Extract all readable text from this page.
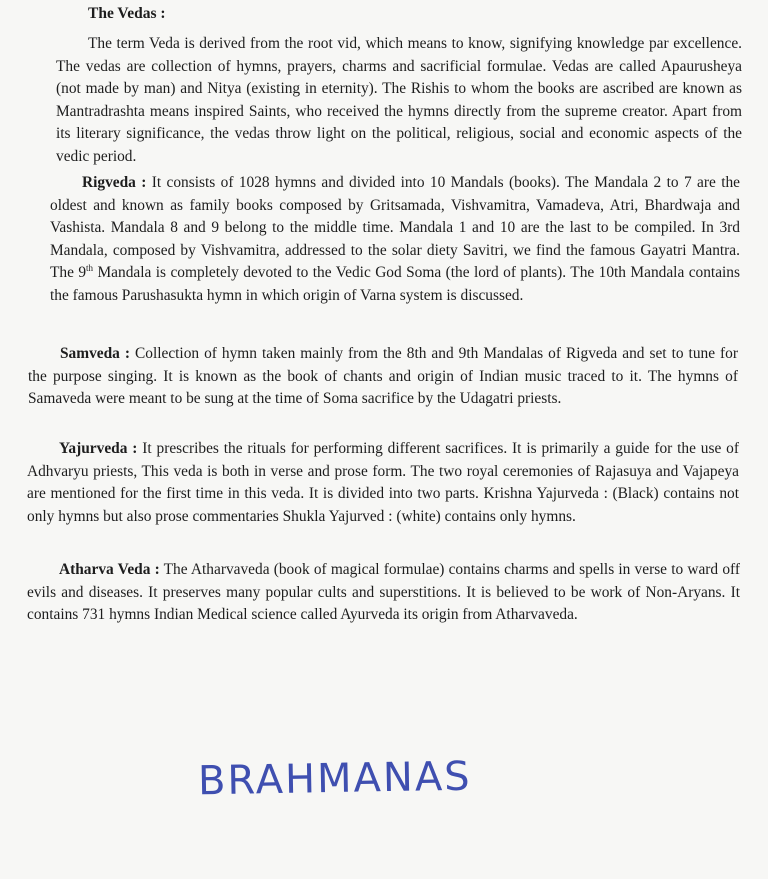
The Vedas :

The term Veda is derived from the root vid, which means to know, signifying knowledge par excellence. The vedas are collection of hymns, prayers, charms and sacrificial formulae. Vedas are called Apaurusheya (not made by man) and Nitya (existing in eternity). The Rishis to whom the books are ascribed are known as Mantradrashta means inspired Saints, who received the hymns directly from the supreme creator. Apart from its literary significance, the vedas throw light on the political, religious, social and economic aspects of the vedic period.

Rigveda : It consists of 1028 hymns and divided into 10 Mandals (books). The Mandala 2 to 7 are the oldest and known as family books composed by Gritsamada, Vishvamitra, Vamadeva, Atri, Bhardwaja and Vashista. Mandala 8 and 9 belong to the middle time. Mandala 1 and 10 are the last to be compiled. In 3rd Mandala, composed by Vishvamitra, addressed to the solar diety Savitri, we find the famous Gayatri Mantra. The 9th Mandala is completely devoted to the Vedic God Soma (the lord of plants). The 10th Mandala contains the famous Parushasukta hymn in which origin of Varna system is discussed.

Samveda : Collection of hymn taken mainly from the 8th and 9th Mandalas of Rigveda and set to tune for the purpose singing. It is known as the book of chants and origin of Indian music traced to it. The hymns of Samaveda were meant to be sung at the time of Soma sacrifice by the Udagatri priests.

Yajurveda : It prescribes the rituals for performing different sacrifices. It is primarily a guide for the use of Adhvaryu priests, This veda is both in verse and prose form. The two royal ceremonies of Rajasuya and Vajapeya are mentioned for the first time in this veda. It is divided into two parts. Krishna Yajurveda : (Black) contains not only hymns but also prose commentaries Shukla Yajurved : (white) contains only hymns.

Atharva Veda : The Atharvaveda (book of magical formulae) contains charms and spells in verse to ward off evils and diseases. It preserves many popular cults and superstitions. It is believed to be work of Non-Aryans. It contains 731 hymns Indian Medical science called Ayurveda its origin from Atharvaveda.

BRAHMANAS
